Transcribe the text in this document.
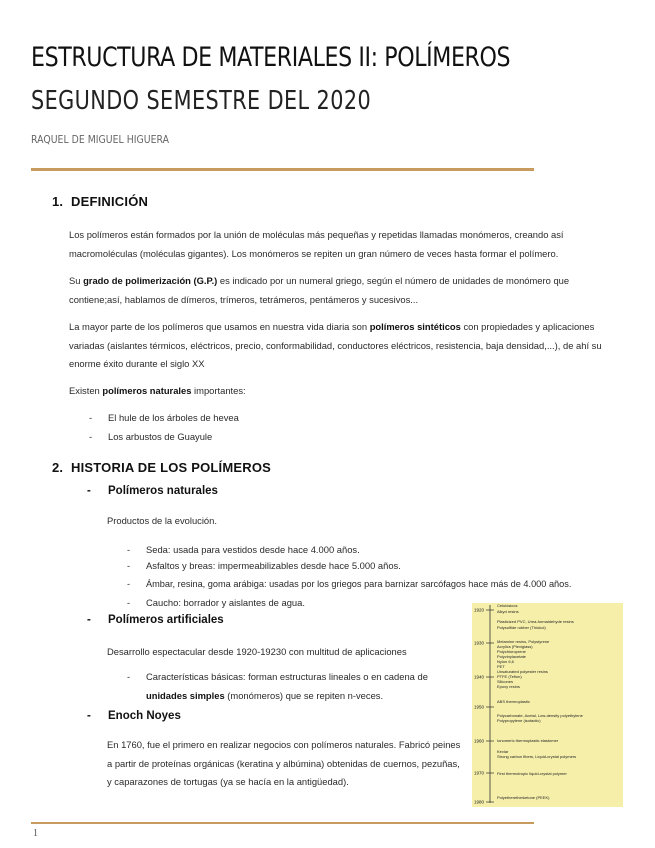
ESTRUCTURA DE MATERIALES II: POLÍMEROS
SEGUNDO SEMESTRE DEL 2020
RAQUEL DE MIGUEL HIGUERA
1. DEFINICIÓN

Los polímeros están formados por la unión de moléculas más pequeñas y repetidas llamadas monómeros, creando así macromoléculas (moléculas gigantes). Los monómeros se repiten un gran número de veces hasta formar el polímero.

Su grado de polimerización (G.P.) es indicado por un numeral griego, según el número de unidades de monómero que contiene;así, hablamos de dímeros, trímeros, tetrámeros, pentámeros y sucesivos...

La mayor parte de los polímeros que usamos en nuestra vida diaria son polímeros sintéticos con propiedades y aplicaciones variadas (aislantes térmicos, eléctricos, precio, conformabilidad, conductores eléctricos, resistencia, baja densidad,...), de ahí su enorme éxito durante el siglo XX

Existen polímeros naturales importantes:

- El hule de los árboles de hevea
- Los arbustos de Guayule
2. HISTORIA DE LOS POLÍMEROS
- Polímeros naturales
Productos de la evolución.
- Seda: usada para vestidos desde hace 4.000 años.
- Asfaltos y breas: impermeabilizables desde hace 5.000 años.
- Ámbar, resina, goma arábiga: usadas por los griegos para barnizar sarcófagos hace más de 4.000 años.
- Caucho: borrador y aislantes de agua.
- Polímeros artificiales
Desarrollo espectacular desde 1920-19230 con multitud de aplicaciones

- Características básicas: forman estructuras lineales o en cadena de unidades simples (monómeros) que se repiten n-veces.

- Enoch Noyes

En 1760, fue el primero en realizar negocios con polímeros naturales. Fabricó peines a partir de proteínas orgánicas (keratina y albúmina) obtenidas de cuernos, pezuñas, y caparazones de tortugas (ya se hacía en la antigüedad).

1920
1930
1940
1950
1960
1970
1980
Celulósicos
Alkyd resins
Plasticized PVC, Urea-formaldehyde resins
Polysulfide rubber (Thiokol)
Melamine resins, Polystyrene
Acrylics (Plexiglass)
Polychloroprene
Polyvinylacetate
Nylon 6,6
PET
Unsaturated polyester resins
PTFE (Teflon)
Silicones
Epoxy resins
ABS thermoplastic
Polycarbonate, Acetal, Low-density polyethylene
Polypropylene (isotactic)
Ionomeric thermoplastic elastomer
Kevlar
Strong carbon fibers, Liquid-crystal polymers
First thermotropic liquid-crystal polymer
Polyetheretherketone (PEEK)
1
